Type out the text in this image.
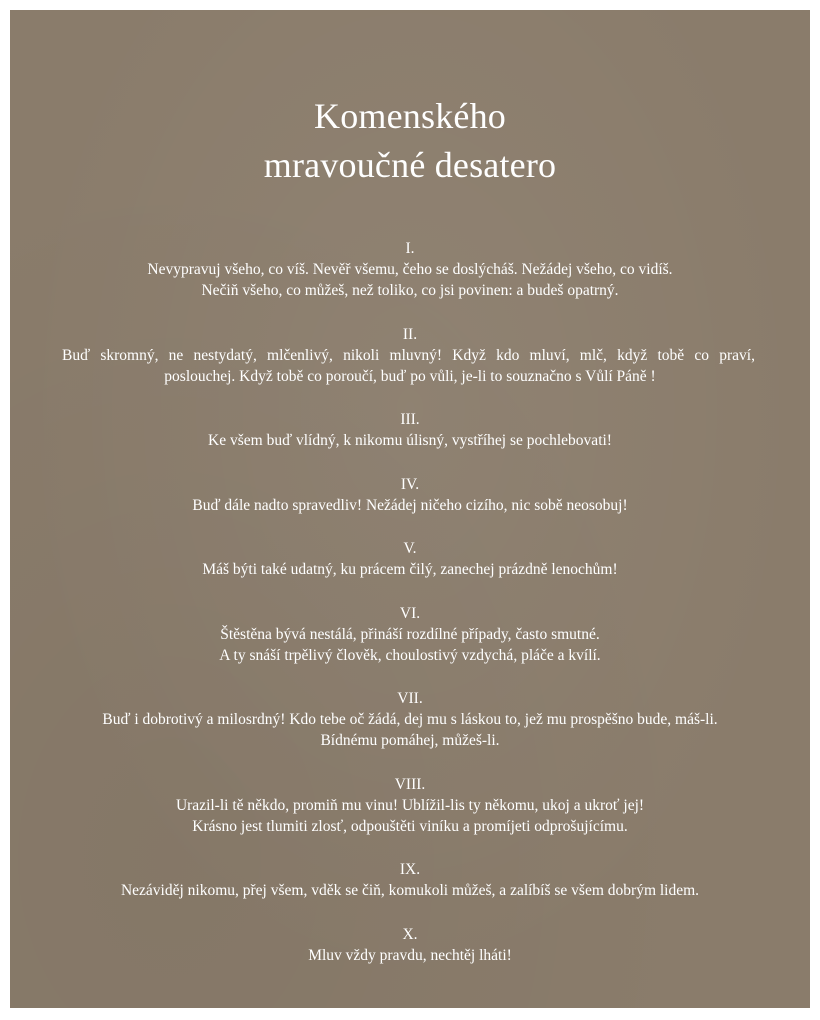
Komenského
mravoučné desatero
I.
Nevypravuj všeho, co víš. Nevěř všemu, čeho se doslýcháš. Nežádej všeho, co vidíš.
Nečiň všeho, co můžeš, než toliko, co jsi povinen: a budeš opatrný.
II.
Buď skromný, ne nestydatý, mlčenlivý, nikoli mluvný! Když kdo mluví, mlč, když tobě co praví,
poslouchej. Když tobě co poroučí, buď po vůli, je-li to souznačno s Vůlí Páně !
III.
Ke všem buď vlídný, k nikomu úlisný, vystříhej se pochlebovati!
IV.
Buď dále nadto spravedliv! Nežádej ničeho cizího, nic sobě neosobuj!
V.
Máš býti také udatný, ku prácem čilý, zanechej prázdně lenochům!
VI.
Štěstěna bývá nestálá, přináší rozdílné případy, často smutné.
A ty snáší trpělivý člověk, choulostivý vzdychá, pláče a kvílí.
VII.
Buď i dobrotivý a milosrdný! Kdo tebe oč žádá, dej mu s láskou to, jež mu prospěšno bude, máš-li.
Bídnému pomáhej, můžeš-li.
VIII.
Urazil-li tě někdo, promiň mu vinu! Ublížil-lis ty někomu, ukoj a ukroť jej!
Krásno jest tlumiti zlosť, odpouštěti viníku a promíjeti odprošujícímu.
IX.
Nezáviděj nikomu, přej všem, vděk se čiň, komukoli můžeš, a zalíbíš se všem dobrým lidem.
X.
Mluv vždy pravdu, nechtěj lháti!
